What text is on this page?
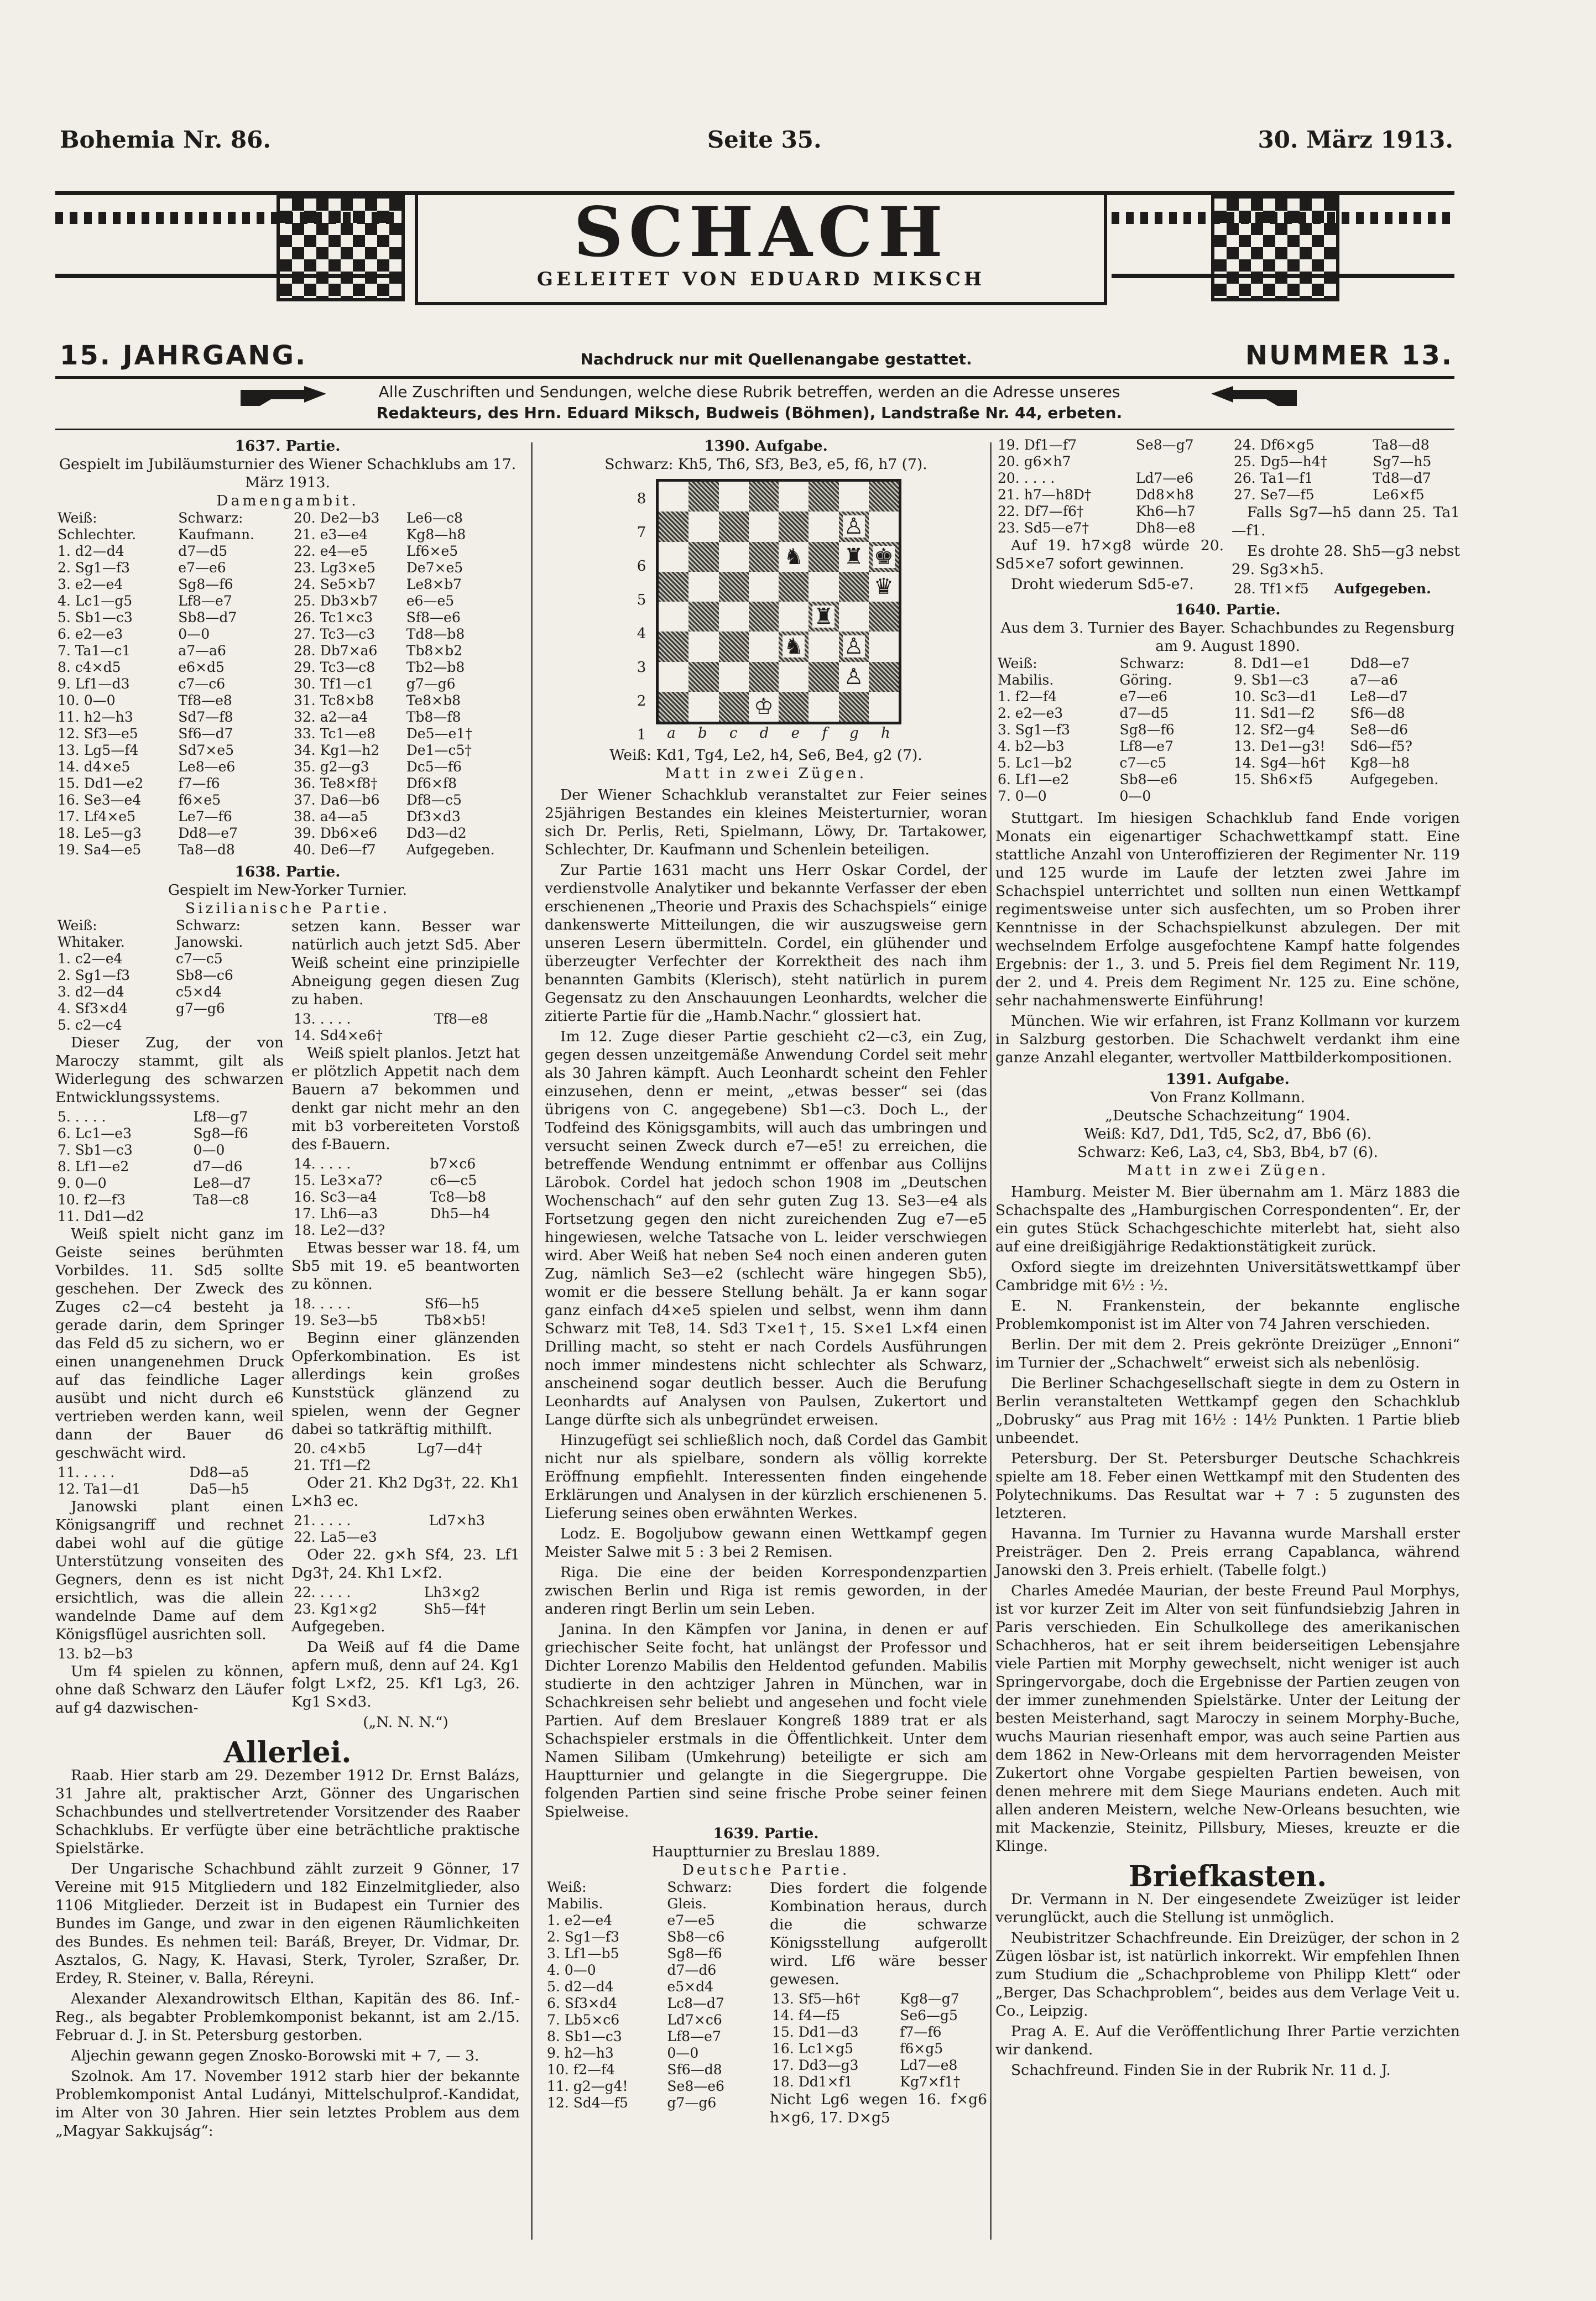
Bohemia Nr. 86.	Seite 35.	30. März 1913.
SCHACH
GELEITET VON EDUARD MIKSCH
15. JAHRGANG.	Nachdruck nur mit Quellenangabe gestattet.	NUMMER 13.
Alle Zuschriften und Sendungen, welche diese Rubrik betreffen, werden an die Adresse unseres
Redakteurs, des Hrn. Eduard Miksch, Budweis (Böhmen), Landstraße Nr. 44, erbeten.
1637. Partie.
Gespielt im Jubiläumsturnier des Wiener Schachklubs am 17. März 1913.
Damengambit.
Weiß:	Schwarz:
Schlechter.	Kaufmann.
1. d2—d4	d7—d5
2. Sg1—f3	e7—e6
3. e2—e4	Sg8—f6
4. Lc1—g5	Lf8—e7
5. Sb1—c3	Sb8—d7
6. e2—e3	0—0
7. Ta1—c1	a7—a6
8. c4×d5	e6×d5
9. Lf1—d3	c7—c6
10. 0—0	Tf8—e8
11. h2—h3	Sd7—f8
12. Sf3—e5	Sf6—d7
13. Lg5—f4	Sd7×e5
14. d4×e5	Le8—e6
15. Dd1—e2	f7—f6
16. Se3—e4	f6×e5
17. Lf4×e5	Le7—f6
18. Le5—g3	Dd8—e7
19. Sa4—e5	Ta8—d8
20. De2—b3	Le6—c8
21. e3—e4	Kg8—h8
22. e4—e5	Lf6×e5
23. Lg3×e5	De7×e5
24. Se5×b7	Le8×b7
25. Db3×b7	e6—e5
26. Tc1×c3	Sf8—e6
27. Tc3—c3	Td8—b8
28. Db7×a6	Tb8×b2
29. Tc3—c8	Tb2—b8
30. Tf1—c1	g7—g6
31. Tc8×b8	Te8×b8
32. a2—a4	Tb8—f8
33. Tc1—e8	De5—e1†
34. Kg1—h2	De1—c5†
35. g2—g3	Dc5—f6
36. Te8×f8†	Df6×f8
37. Da6—b6	Df8—c5
38. a4—a5	Df3×d3
39. Db6×e6	Dd3—d2
40. De6—f7	Aufgegeben.
1638. Partie.
Gespielt im New-Yorker Turnier.
Sizilianische Partie.
Weiß:	Schwarz:
Whitaker.	Janowski.
1. c2—e4	c7—c5
2. Sg1—f3	Sb8—c6
3. d2—d4	c5×d4
4. Sf3×d4	g7—g6
5. c2—c4	

Dieser Zug, der von Maroczy stammt, gilt als Widerlegung des schwarzen Entwicklungssystems.

5. . . . .	Lf8—g7
6. Lc1—e3	Sg8—f6
7. Sb1—c3	0—0
8. Lf1—e2	d7—d6
9. 0—0	Le8—d7
10. f2—f3	Ta8—c8
11. Dd1—d2	

Weiß spielt nicht ganz im Geiste seines berühmten Vorbildes. 11. Sd5 sollte geschehen. Der Zweck des Zuges c2—c4 besteht ja gerade darin, dem Springer das Feld d5 zu sichern, wo er einen unangenehmen Druck auf das feindliche Lager ausübt und nicht durch e6 vertrieben werden kann, weil dann der Bauer d6 geschwächt wird.

11. . . . .	Dd8—a5
12. Ta1—d1	Da5—h5

Janowski plant einen Königsangriff und rechnet dabei wohl auf die gütige Unterstützung vonseiten des Gegners, denn es ist nicht ersichtlich, was die allein wandelnde Dame auf dem Königsflügel ausrichten soll.

13. b2—b3	

Um f4 spielen zu können, ohne daß Schwarz den Läufer auf g4 dazwischen-

setzen kann. Besser war natürlich auch jetzt Sd5. Aber Weiß scheint eine prinzipielle Abneigung gegen diesen Zug zu haben.

13. . . . .	Tf8—e8
14. Sd4×e6†	

Weiß spielt planlos. Jetzt hat er plötzlich Appetit nach dem Bauern a7 bekommen und denkt gar nicht mehr an den mit b3 vorbereiteten Vorstoß des f-Bauern.

14. . . . .	b7×c6
15. Le3×a7?	c6—c5
16. Sc3—a4	Tc8—b8
17. Lh6—a3	Dh5—h4
18. Le2—d3?	

Etwas besser war 18. f4, um Sb5 mit 19. e5 beantworten zu können.

18. . . . .	Sf6—h5
19. Se3—b5	Tb8×b5!

Beginn einer glänzenden Opferkombination. Es ist allerdings kein großes Kunststück glänzend zu spielen, wenn der Gegner dabei so tatkräftig mithilft.

20. c4×b5	Lg7—d4†
21. Tf1—f2	

Oder 21. Kh2 Dg3†, 22. Kh1 L×h3 ec.

21. . . . .	Ld7×h3
22. La5—e3	

Oder 22. g×h Sf4, 23. Lf1 Dg3†, 24. Kh1 L×f2.

22. . . . .	Lh3×g2
23. Kg1×g2	Sh5—f4†

Aufgegeben.

Da Weiß auf f4 die Dame apfern muß, denn auf 24. Kg1 folgt L×f2, 25. Kf1 Lg3, 26. Kg1 S×d3.

(„N. N. N.“)
Allerlei.

Raab. Hier starb am 29. Dezember 1912 Dr. Ernst Balázs, 31 Jahre alt, praktischer Arzt, Gönner des Ungarischen Schachbundes und stellvertretender Vorsitzender des Raaber Schachklubs. Er verfügte über eine beträchtliche praktische Spielstärke.

Der Ungarische Schachbund zählt zurzeit 9 Gönner, 17 Vereine mit 915 Mitgliedern und 182 Einzelmitglieder, also 1106 Mitglieder. Derzeit ist in Budapest ein Turnier des Bundes im Gange, und zwar in den eigenen Räumlichkeiten des Bundes. Es nehmen teil: Baráß, Breyer, Dr. Vidmar, Dr. Asztalos, G. Nagy, K. Havasi, Sterk, Tyroler, Szraßer, Dr. Erdey, R. Steiner, v. Balla, Réreyni.

Alexander Alexandrowitsch Elthan, Kapitän des 86. Inf.-Reg., als begabter Problemkomponist bekannt, ist am 2./15. Februar d. J. in St. Petersburg gestorben.

Aljechin gewann gegen Znosko-Borowski mit + 7, — 3.

Szolnok. Am 17. November 1912 starb hier der bekannte Problemkomponist Antal Ludányi, Mittelschulprof.-Kandidat, im Alter von 30 Jahren. Hier sein letztes Problem aus dem „Magyar Sakkujság“:

1390. Aufgabe.
Schwarz: Kh5, Th6, Sf3, Be3, e5, f6, h7 (7).
8
7
6
5
4
3
2
1
♙
♞ ♜ ♚
♛
♜
♞ ♙
♙
♔
a b c d e f g h
Weiß: Kd1, Tg4, Le2, h4, Se6, Be4, g2 (7).
Matt in zwei Zügen.

Der Wiener Schachklub veranstaltet zur Feier seines 25jährigen Bestandes ein kleines Meisterturnier, woran sich Dr. Perlis, Reti, Spielmann, Löwy, Dr. Tartakower, Schlechter, Dr. Kaufmann und Schenlein beteiligen.

Zur Partie 1631 macht uns Herr Oskar Cordel, der verdienstvolle Analytiker und bekannte Verfasser der eben erschienenen „Theorie und Praxis des Schachspiels“ einige dankenswerte Mitteilungen, die wir auszugsweise gern unseren Lesern übermitteln. Cordel, ein glühender und überzeugter Verfechter der Korrektheit des nach ihm benannten Gambits (Klerisch), steht natürlich in purem Gegensatz zu den Anschauungen Leonhardts, welcher die zitierte Partie für die „Hamb.Nachr.“ glossiert hat.

Im 12. Zuge dieser Partie geschieht c2—c3, ein Zug, gegen dessen unzeitgemäße Anwendung Cordel seit mehr als 30 Jahren kämpft. Auch Leonhardt scheint den Fehler einzusehen, denn er meint, „etwas besser“ sei (das übrigens von C. angegebene) Sb1—c3. Doch L., der Todfeind des Königsgambits, will auch das umbringen und versucht seinen Zweck durch e7—e5! zu erreichen, die betreffende Wendung entnimmt er offenbar aus Collijns Lärobok. Cordel hat jedoch schon 1908 im „Deutschen Wochenschach“ auf den sehr guten Zug 13. Se3—e4 als Fortsetzung gegen den nicht zureichenden Zug e7—e5 hingewiesen, welche Tatsache von L. leider verschwiegen wird. Aber Weiß hat neben Se4 noch einen anderen guten Zug, nämlich Se3—e2 (schlecht wäre hingegen Sb5), womit er die bessere Stellung behält. Ja er kann sogar ganz einfach d4×e5 spielen und selbst, wenn ihm dann Schwarz mit Te8, 14. Sd3 T×e1†, 15. S×e1 L×f4 einen Drilling macht, so steht er nach Cordels Ausführungen noch immer mindestens nicht schlechter als Schwarz, anscheinend sogar deutlich besser. Auch die Berufung Leonhardts auf Analysen von Paulsen, Zukertort und Lange dürfte sich als unbegründet erweisen.

Hinzugefügt sei schließlich noch, daß Cordel das Gambit nicht nur als spielbare, sondern als völlig korrekte Eröffnung empfiehlt. Interessenten finden eingehende Erklärungen und Analysen in der kürzlich erschienenen 5. Lieferung seines oben erwähnten Werkes.

Lodz. E. Bogoljubow gewann einen Wettkampf gegen Meister Salwe mit 5 : 3 bei 2 Remisen.

Riga. Die eine der beiden Korrespondenzpartien zwischen Berlin und Riga ist remis geworden, in der anderen ringt Berlin um sein Leben.

Janina. In den Kämpfen vor Janina, in denen er auf griechischer Seite focht, hat unlängst der Professor und Dichter Lorenzo Mabilis den Heldentod gefunden. Mabilis studierte in den achtziger Jahren in München, war in Schachkreisen sehr beliebt und angesehen und focht viele Partien. Auf dem Breslauer Kongreß 1889 trat er als Schachspieler erstmals in die Öffentlichkeit. Unter dem Namen Silibam (Umkehrung) beteiligte er sich am Hauptturnier und gelangte in die Siegergruppe. Die folgenden Partien sind seine frische Probe seiner feinen Spielweise.

1639. Partie.
Hauptturnier zu Breslau 1889.
Deutsche Partie.
Weiß:	Schwarz:
Mabilis.	Gleis.
1. e2—e4	e7—e5
2. Sg1—f3	Sb8—c6
3. Lf1—b5	Sg8—f6
4. 0—0	d7—d6
5. d2—d4	e5×d4
6. Sf3×d4	Lc8—d7
7. Lb5×c6	Ld7×c6
8. Sb1—c3	Lf8—e7
9. h2—h3	0—0
10. f2—f4	Sf6—d8
11. g2—g4!	Se8—e6
12. Sd4—f5	g7—g6

Dies fordert die folgende Kombination heraus, durch die die schwarze Königsstellung aufgerollt wird. Lf6 wäre besser gewesen.

13. Sf5—h6†	Kg8—g7
14. f4—f5	Se6—g5
15. Dd1—d3	f7—f6
16. Lc1×g5	f6×g5
17. Dd3—g3	Ld7—e8
18. Dd1×f1	Kg7×f1†

Nicht Lg6 wegen 16. f×g6 h×g6, 17. D×g5

19. Df1—f7	Se8—g7

20. g6×h7	

20. . . . .	Ld7—e6
21. h7—h8D†	Dd8×h8
22. Df7—f6†	Kh6—h7
23. Sd5—e7†	Dh8—e8

Auf 19. h7×g8 würde 20. Sd5×e7 sofort gewinnen.

Droht wiederum Sd5-e7.

24. Df6×g5	Ta8—d8
25. Dg5—h4†	Sg7—h5
26. Ta1—f1	Td8—d7
27. Se7—f5	Le6×f5

Falls Sg7—h5 dann 25. Ta1—f1.

Es drohte 28. Sh5—g3 nebst 29. Sg3×h5.

28. Tf1×f5	Aufgegeben.
1640. Partie.
Aus dem 3. Turnier des Bayer. Schachbundes zu Regensburg am 9. August 1890.
Weiß:	Schwarz:
Mabilis.	Göring.
1. f2—f4	e7—e6
2. e2—e3	d7—d5
3. Sg1—f3	Sg8—f6
4. b2—b3	Lf8—e7
5. Lc1—b2	c7—c5
6. Lf1—e2	Sb8—e6
7. 0—0	0—0
8. Dd1—e1	Dd8—e7
9. Sb1—c3	a7—a6
10. Sc3—d1	Le8—d7
11. Sd1—f2	Sf6—d8
12. Sf2—g4	Se8—d6
13. De1—g3!	Sd6—f5?
14. Sg4—h6†	Kg8—h8
15. Sh6×f5	Aufgegeben.

Stuttgart. Im hiesigen Schachklub fand Ende vorigen Monats ein eigenartiger Schachwettkampf statt. Eine stattliche Anzahl von Unteroffizieren der Regimenter Nr. 119 und 125 wurde im Laufe der letzten zwei Jahre im Schachspiel unterrichtet und sollten nun einen Wettkampf regimentsweise unter sich ausfechten, um so Proben ihrer Kenntnisse in der Schachspielkunst abzulegen. Der mit wechselndem Erfolge ausgefochtene Kampf hatte folgendes Ergebnis: der 1., 3. und 5. Preis fiel dem Regiment Nr. 119, der 2. und 4. Preis dem Regiment Nr. 125 zu. Eine schöne, sehr nachahmenswerte Einführung!

München. Wie wir erfahren, ist Franz Kollmann vor kurzem in Salzburg gestorben. Die Schachwelt verdankt ihm eine ganze Anzahl eleganter, wertvoller Mattbilderkompositionen.

1391. Aufgabe.
Von Franz Kollmann.
„Deutsche Schachzeitung“ 1904.
Weiß: Kd7, Dd1, Td5, Sc2, d7, Bb6 (6).
Schwarz: Ke6, La3, c4, Sb3, Bb4, b7 (6).
Matt in zwei Zügen.

Hamburg. Meister M. Bier übernahm am 1. März 1883 die Schachspalte des „Hamburgischen Correspondenten“. Er, der ein gutes Stück Schachgeschichte miterlebt hat, sieht also auf eine dreißigjährige Redaktionstätigkeit zurück.

Oxford siegte im dreizehnten Universitätswettkampf über Cambridge mit 6½ : ½.

E. N. Frankenstein, der bekannte englische Problemkomponist ist im Alter von 74 Jahren verschieden.

Berlin. Der mit dem 2. Preis gekrönte Dreizüger „Ennoni“ im Turnier der „Schachwelt“ erweist sich als nebenlösig.

Die Berliner Schachgesellschaft siegte in dem zu Ostern in Berlin veranstalteten Wettkampf gegen den Schachklub „Dobrusky“ aus Prag mit 16½ : 14½ Punkten. 1 Partie blieb unbeendet.

Petersburg. Der St. Petersburger Deutsche Schachkreis spielte am 18. Feber einen Wettkampf mit den Studenten des Polytechnikums. Das Resultat war + 7 : 5 zugunsten des letzteren.

Havanna. Im Turnier zu Havanna wurde Marshall erster Preisträger. Den 2. Preis errang Capablanca, während Janowski den 3. Preis erhielt. (Tabelle folgt.)

Charles Amedée Maurian, der beste Freund Paul Morphys, ist vor kurzer Zeit im Alter von seit fünfundsiebzig Jahren in Paris verschieden. Ein Schulkollege des amerikanischen Schachheros, hat er seit ihrem beiderseitigen Lebensjahre viele Partien mit Morphy gewechselt, nicht weniger ist auch Springervorgabe, doch die Ergebnisse der Partien zeugen von der immer zunehmenden Spielstärke. Unter der Leitung der besten Meisterhand, sagt Maroczy in seinem Morphy-Buche, wuchs Maurian riesenhaft empor, was auch seine Partien aus dem 1862 in New-Orleans mit dem hervorragenden Meister Zukertort ohne Vorgabe gespielten Partien beweisen, von denen mehrere mit dem Siege Maurians endeten. Auch mit allen anderen Meistern, welche New-Orleans besuchten, wie mit Mackenzie, Steinitz, Pillsbury, Mieses, kreuzte er die Klinge.

Briefkasten.

Dr. Vermann in N. Der eingesendete Zweizüger ist leider verunglückt, auch die Stellung ist unmöglich.

Neubistritzer Schachfreunde. Ein Dreizüger, der schon in 2 Zügen lösbar ist, ist natürlich inkorrekt. Wir empfehlen Ihnen zum Studium die „Schachprobleme von Philipp Klett“ oder „Berger, Das Schachproblem“, beides aus dem Verlage Veit u. Co., Leipzig.

Prag A. E. Auf die Veröffentlichung Ihrer Partie verzichten wir dankend.

Schachfreund. Finden Sie in der Rubrik Nr. 11 d. J.
